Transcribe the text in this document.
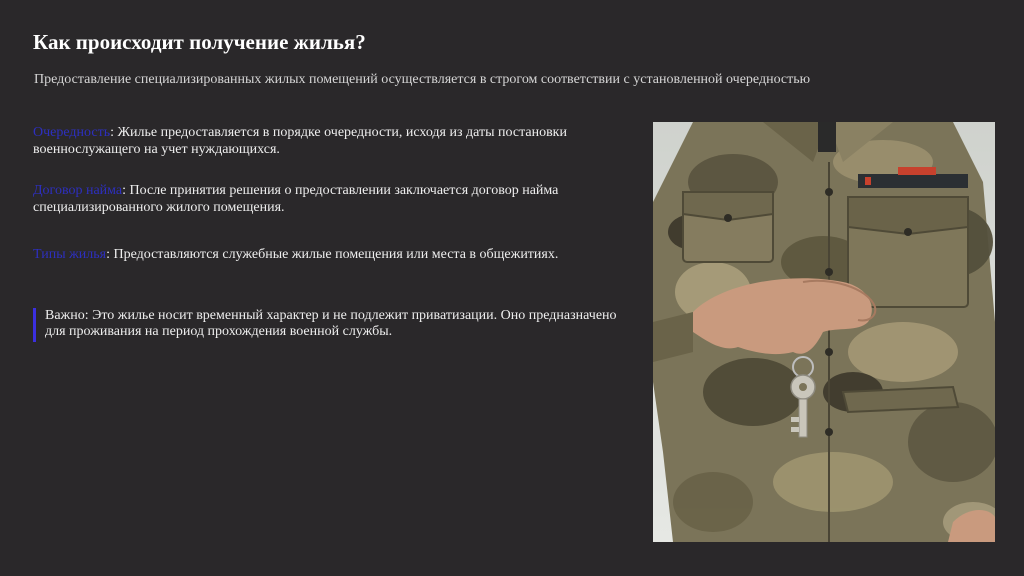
Как происходит получение жилья?
Предоставление специализированных жилых помещений осуществляется в строгом соответствии с установленной очередностью
Очередность: Жилье предоставляется в порядке очередности, исходя из даты постановки военнослужащего на учет нуждающихся.
Договор найма: После принятия решения о предоставлении заключается договор найма специализированного жилого помещения.
Типы жилья: Предоставляются служебные жилые помещения или места в общежитиях.
Важно: Это жилье носит временный характер и не подлежит приватизации. Оно предназначено для проживания на период прохождения военной службы.
